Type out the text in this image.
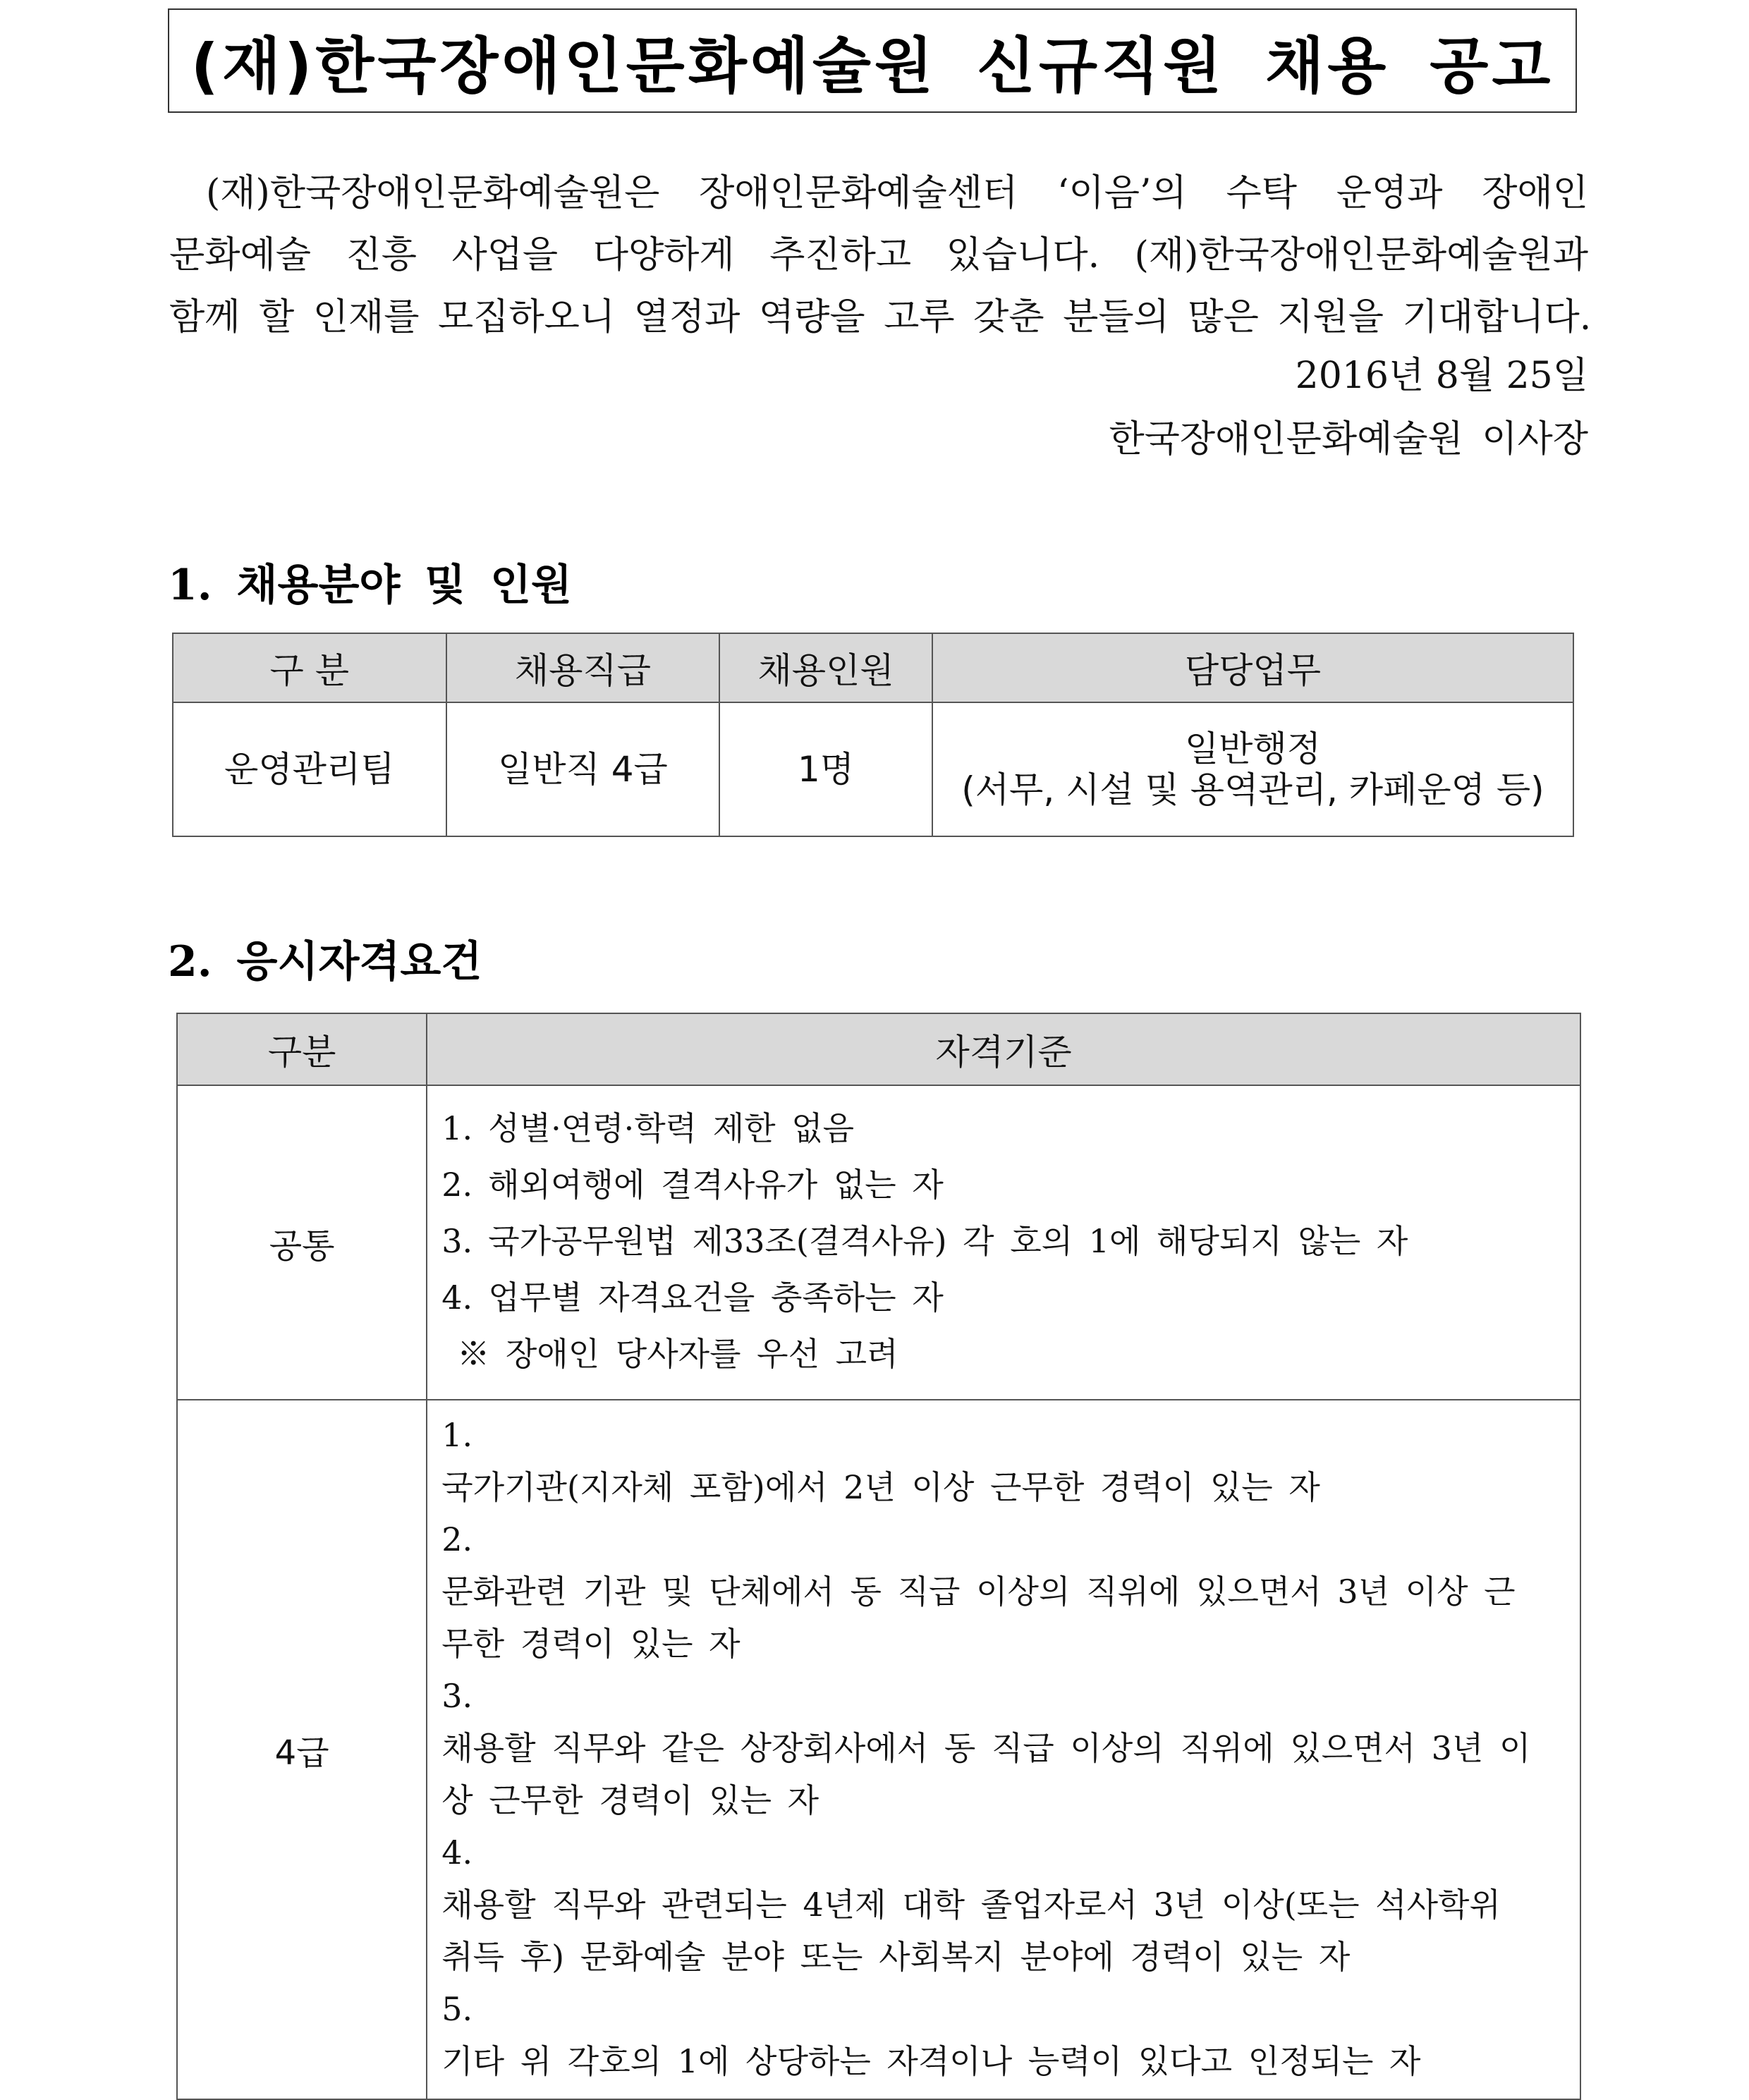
(재)한국장애인문화예술원 신규직원 채용 공고
(재)한국장애인문화예술원은 장애인문화예술센터 ‘이음’의 수탁 운영과 장애인
문화예술 진흥 사업을 다양하게 추진하고 있습니다. (재)한국장애인문화예술원과
함께 할 인재를 모집하오니 열정과 역량을 고루 갖춘 분들의 많은 지원을 기대합니다.
2016년 8월 25일
한국장애인문화예술원 이사장
1. 채용분야 및 인원
구 분	채용직급	채용인원	담당업무
운영관리팀	일반직 4급	1명	일반행정
(서무, 시설 및 용역관리, 카페운영 등)
2. 응시자격요건
구분	자격기준
공통	1. 성별·연령·학력 제한 없음
2. 해외여행에 결격사유가 없는 자
3. 국가공무원법 제33조(결격사유) 각 호의 1에 해당되지 않는 자
4. 업무별 자격요건을 충족하는 자
※ 장애인 당사자를 우선 고려

4급	1.국가기관(지자체 포함)에서 2년 이상 근무한 경력이 있는 자
2.문화관련 기관 및 단체에서 동 직급 이상의 직위에 있으면서 3년 이상 근무한 경력이 있는 자
3.채용할 직무와 같은 상장회사에서 동 직급 이상의 직위에 있으면서 3년 이상 근무한 경력이 있는 자
4.채용할 직무와 관련되는 4년제 대학 졸업자로서 3년 이상(또는 석사학위 취득 후) 문화예술 분야 또는 사회복지 분야에 경력이 있는 자
5.기타 위 각호의 1에 상당하는 자격이나 능력이 있다고 인정되는 자
